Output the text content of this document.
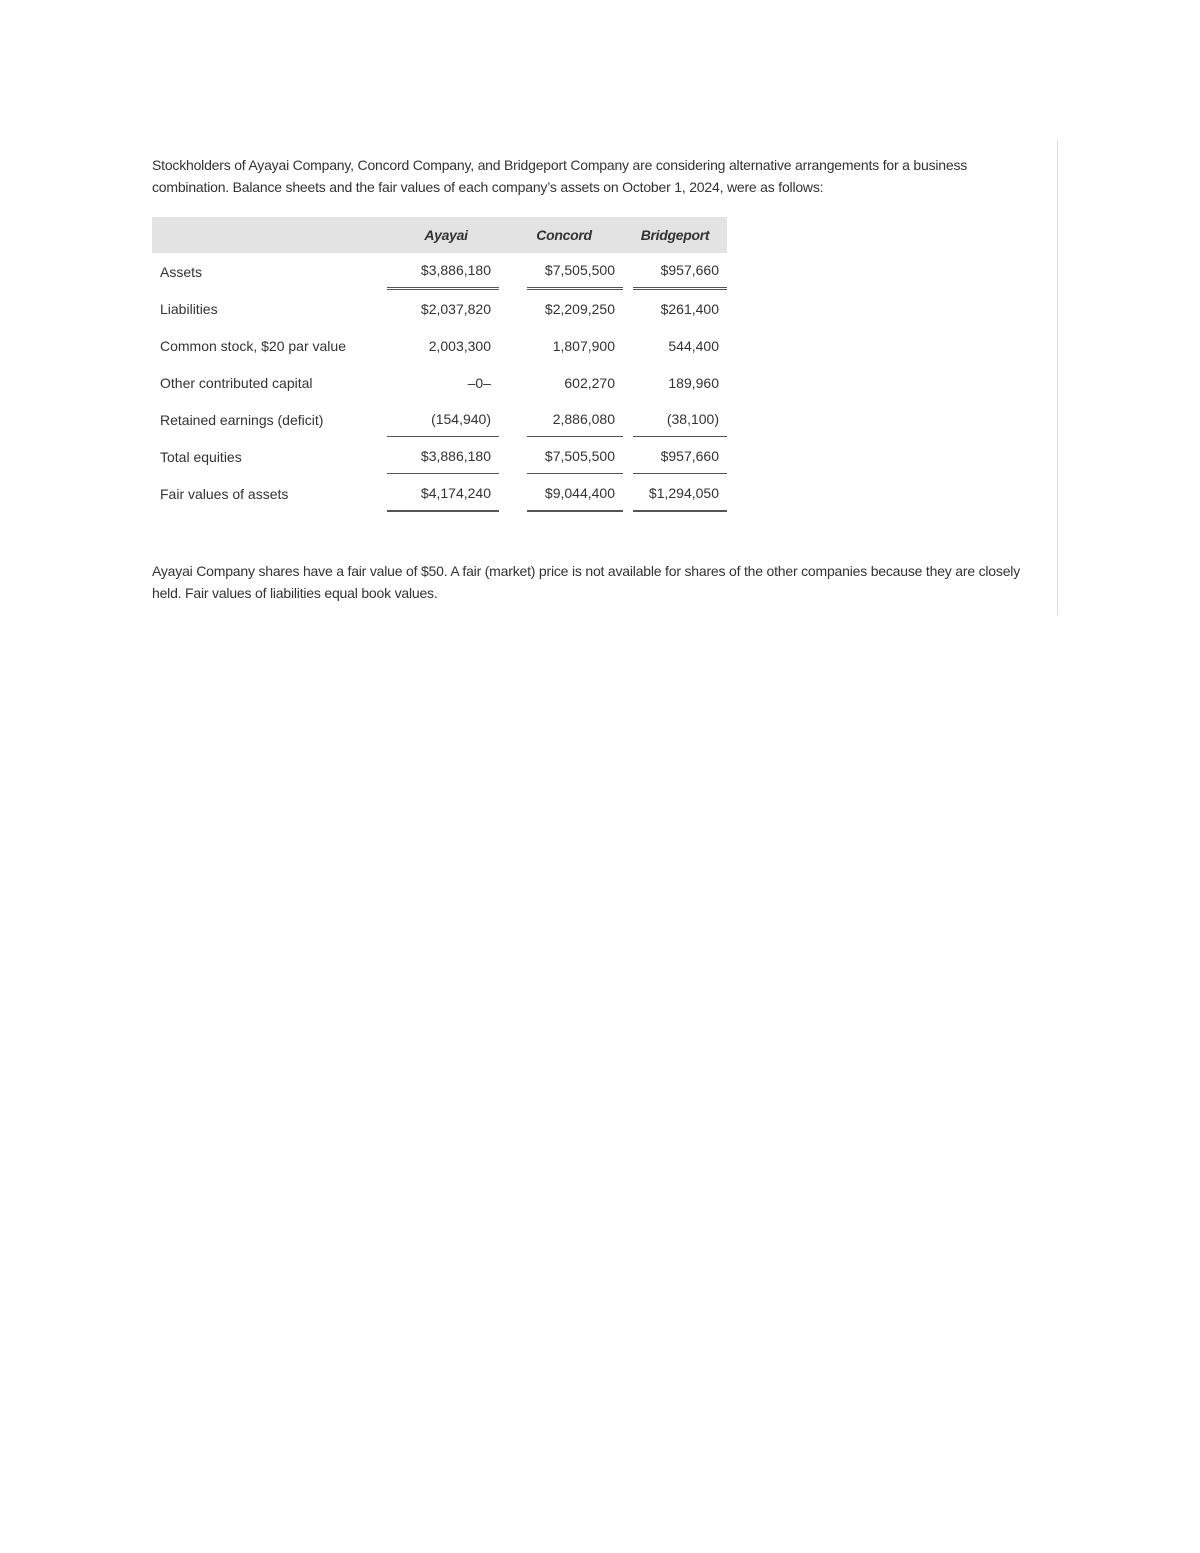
Stockholders of Ayayai Company, Concord Company, and Bridgeport Company are considering alternative arrangements for a business combination. Balance sheets and the fair values of each company’s assets on October 1, 2024, were as follows:

	Ayayai	Concord	Bridgeport
Assets	$3,886,180	$7,505,500	$957,660

Liabilities	$2,037,820	$2,209,250	$261,400

Common stock, $20 par value	2,003,300	1,807,900	544,400

Other contributed capital	–0–	602,270	189,960

Retained earnings (deficit)	(154,940)	2,886,080	(38,100)

Total equities	$3,886,180	$7,505,500	$957,660

Fair values of assets	$4,174,240	$9,044,400	$1,294,050

Ayayai Company shares have a fair value of $50. A fair (market) price is not available for shares of the other companies because they are closely held. Fair values of liabilities equal book values.
